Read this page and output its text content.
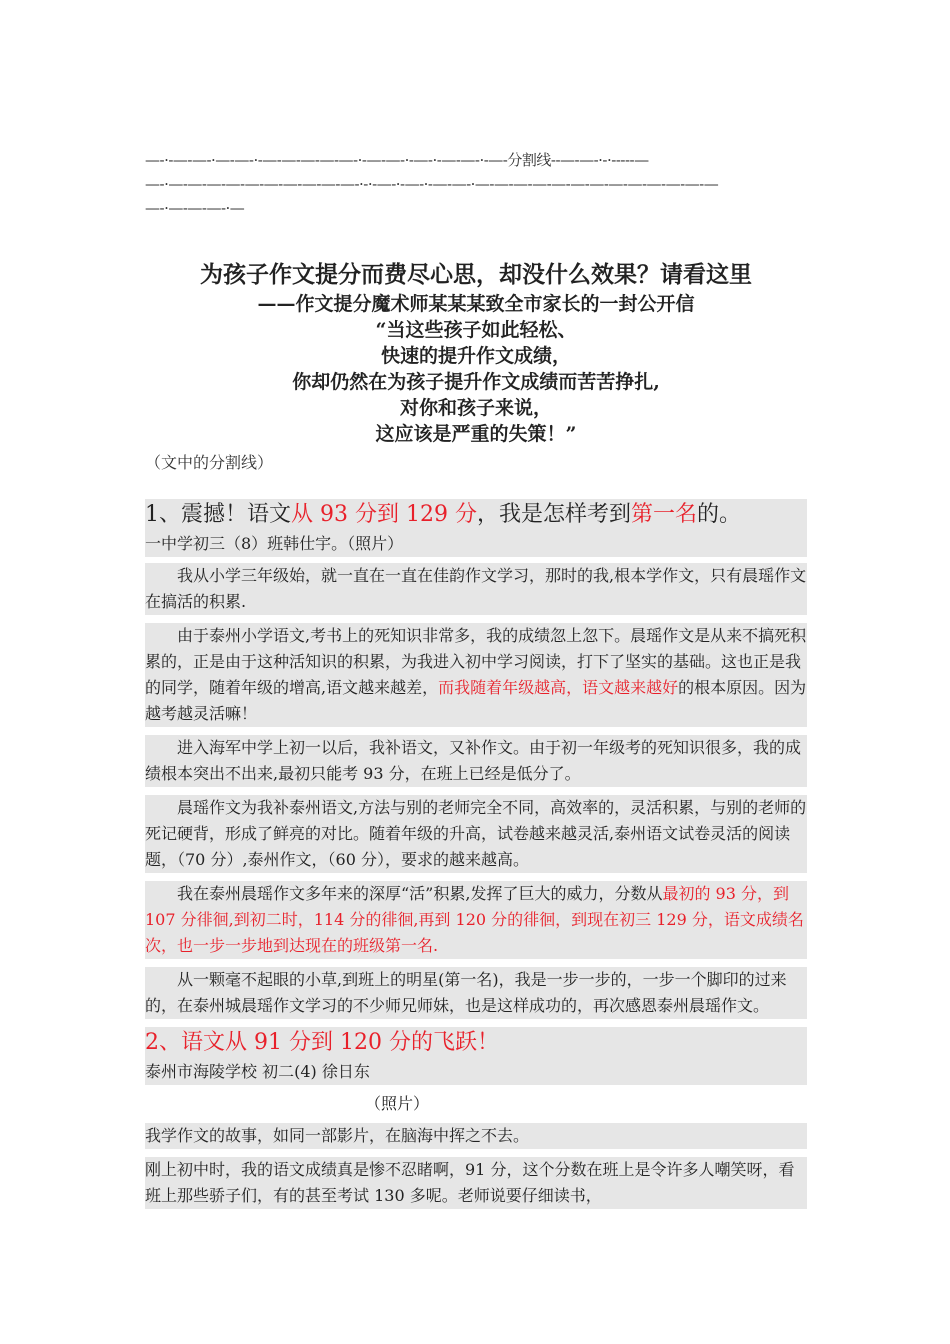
—-·-—-—-·—-—-·-—-—-—-—-—-·-—-—-·-—-·-—-—-·-—-分割线--—-—-·-·-----—
—-·—-—-—-—-—-—-—-—-—-—-·-·-—-·-—-·-—-—-·—-—-—-—-—-—-—-—-—-—-—-—-—
—-·—-—-—-·—
为孩子作文提分而费尽心思，却没什么效果？请看这里
——作文提分魔术师某某某致全市家长的一封公开信
“当这些孩子如此轻松、
快速的提升作文成绩，
你却仍然在为孩子提升作文成绩而苦苦挣扎,
对你和孩子来说，
这应该是严重的失策！”
（文中的分割线）
1、震撼！语文从 93 分到 129 分，我是怎样考到第一名的。
一中学初三（8）班韩仕宇。（照片）

我从小学三年级始，就一直在一直在佳韵作文学习，那时的我,根本学作文，只有晨瑶作文在搞活的积累.

由于泰州小学语文,考书上的死知识非常多，我的成绩忽上忽下。晨瑶作文是从来不搞死积累的，正是由于这种活知识的积累，为我进入初中学习阅读，打下了坚实的基础。这也正是我的同学，随着年级的增高,语文越来越差，而我随着年级越高，语文越来越好的根本原因。因为越考越灵活嘛！

进入海军中学上初一以后，我补语文，又补作文。由于初一年级考的死知识很多，我的成绩根本突出不出来,最初只能考 93 分，在班上已经是低分了。

晨瑶作文为我补泰州语文,方法与别的老师完全不同，高效率的，灵活积累，与别的老师的死记硬背，形成了鲜亮的对比。随着年级的升高，试卷越来越灵活,泰州语文试卷灵活的阅读题，（70 分）,泰州作文，（60 分），要求的越来越高。

我在泰州晨瑶作文多年来的深厚“活”积累,发挥了巨大的威力，分数从最初的 93 分，到 107 分徘徊,到初二时，114 分的徘徊,再到 120 分的徘徊，到现在初三 129 分，语文成绩名次，也一步一步地到达现在的班级第一名.

从一颗毫不起眼的小草,到班上的明星(第一名)，我是一步一步的，一步一个脚印的过来的，在泰州城晨瑶作文学习的不少师兄师妹，也是这样成功的，再次感恩泰州晨瑶作文。

2、语文从 91 分到 120 分的飞跃！
泰州市海陵学校 初二(4) 徐日东
（照片）

我学作文的故事，如同一部影片，在脑海中挥之不去。

刚上初中时，我的语文成绩真是惨不忍睹啊，91 分，这个分数在班上是令许多人嘲笑呀，看班上那些骄子们，有的甚至考试 130 多呢。老师说要仔细读书，
